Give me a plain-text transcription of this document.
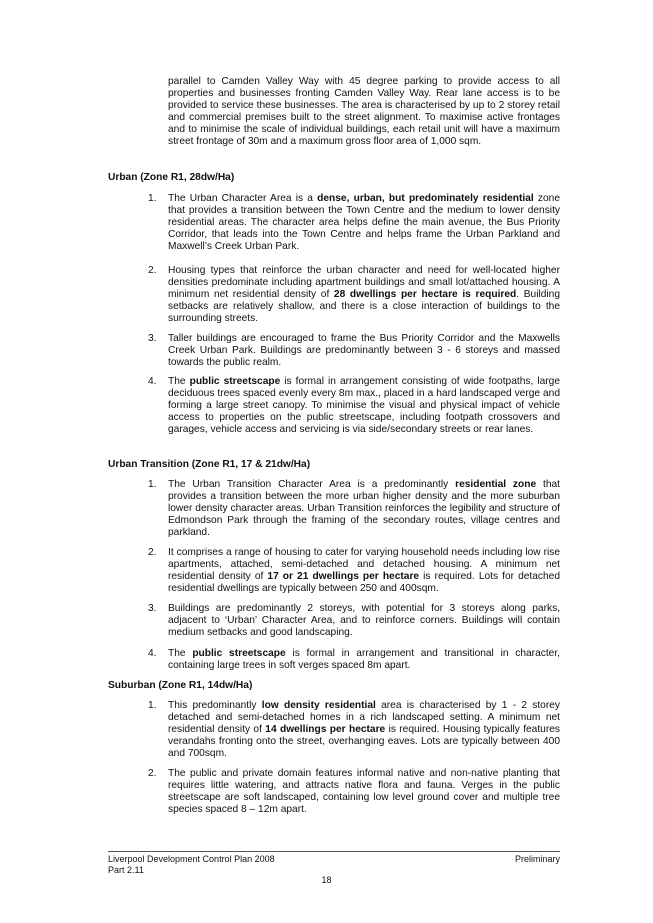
parallel to Camden Valley Way with 45 degree parking to provide access to all properties and businesses fronting Camden Valley Way. Rear lane access is to be provided to service these businesses. The area is characterised by up to 2 storey retail and commercial premises built to the street alignment. To maximise active frontages and to minimise the scale of individual buildings, each retail unit will have a maximum street frontage of 30m and a maximum gross floor area of 1,000 sqm.
Urban (Zone R1, 28dw/Ha)
1.	The Urban Character Area is a dense, urban, but predominately residential zone that provides a transition between the Town Centre and the medium to lower density residential areas. The character area helps define the main avenue, the Bus Priority Corridor, that leads into the Town Centre and helps frame the Urban Parkland and Maxwell’s Creek Urban Park.
2.	Housing types that reinforce the urban character and need for well-located higher densities predominate including apartment buildings and small lot/attached housing. A minimum net residential density of 28 dwellings per hectare is required. Building setbacks are relatively shallow, and there is a close interaction of buildings to the surrounding streets.
3.	Taller buildings are encouraged to frame the Bus Priority Corridor and the Maxwells Creek Urban Park. Buildings are predominantly between 3 - 6 storeys and massed towards the public realm.
4.	The public streetscape is formal in arrangement consisting of wide footpaths, large deciduous trees spaced evenly every 8m max., placed in a hard landscaped verge and forming a large street canopy. To minimise the visual and physical impact of vehicle access to properties on the public streetscape, including footpath crossovers and garages, vehicle access and servicing is via side/secondary streets or rear lanes.
Urban Transition (Zone R1, 17 & 21dw/Ha)
1.	The Urban Transition Character Area is a predominantly residential zone that provides a transition between the more urban higher density and the more suburban lower density character areas. Urban Transition reinforces the legibility and structure of Edmondson Park through the framing of the secondary routes, village centres and parkland.
2.	It comprises a range of housing to cater for varying household needs including low rise apartments, attached, semi-detached and detached housing. A minimum net residential density of 17 or 21 dwellings per hectare is required. Lots for detached residential dwellings are typically between 250 and 400sqm.
3.	Buildings are predominantly 2 storeys, with potential for 3 storeys along parks, adjacent to ‘Urban’ Character Area, and to reinforce corners. Buildings will contain medium setbacks and good landscaping.
4.	The public streetscape is formal in arrangement and transitional in character, containing large trees in soft verges spaced 8m apart.
Suburban (Zone R1, 14dw/Ha)
1.	This predominantly low density residential area is characterised by 1 - 2 storey detached and semi-detached homes in a rich landscaped setting. A minimum net residential density of 14 dwellings per hectare is required. Housing typically features verandahs fronting onto the street, overhanging eaves. Lots are typically between 400 and 700sqm.
2.	The public and private domain features informal native and non-native planting that requires little watering, and attracts native flora and fauna. Verges in the public streetscape are soft landscaped, containing low level ground cover and multiple tree species spaced 8 – 12m apart.
Liverpool Development Control Plan 2008
Part 2.11
Preliminary
18
